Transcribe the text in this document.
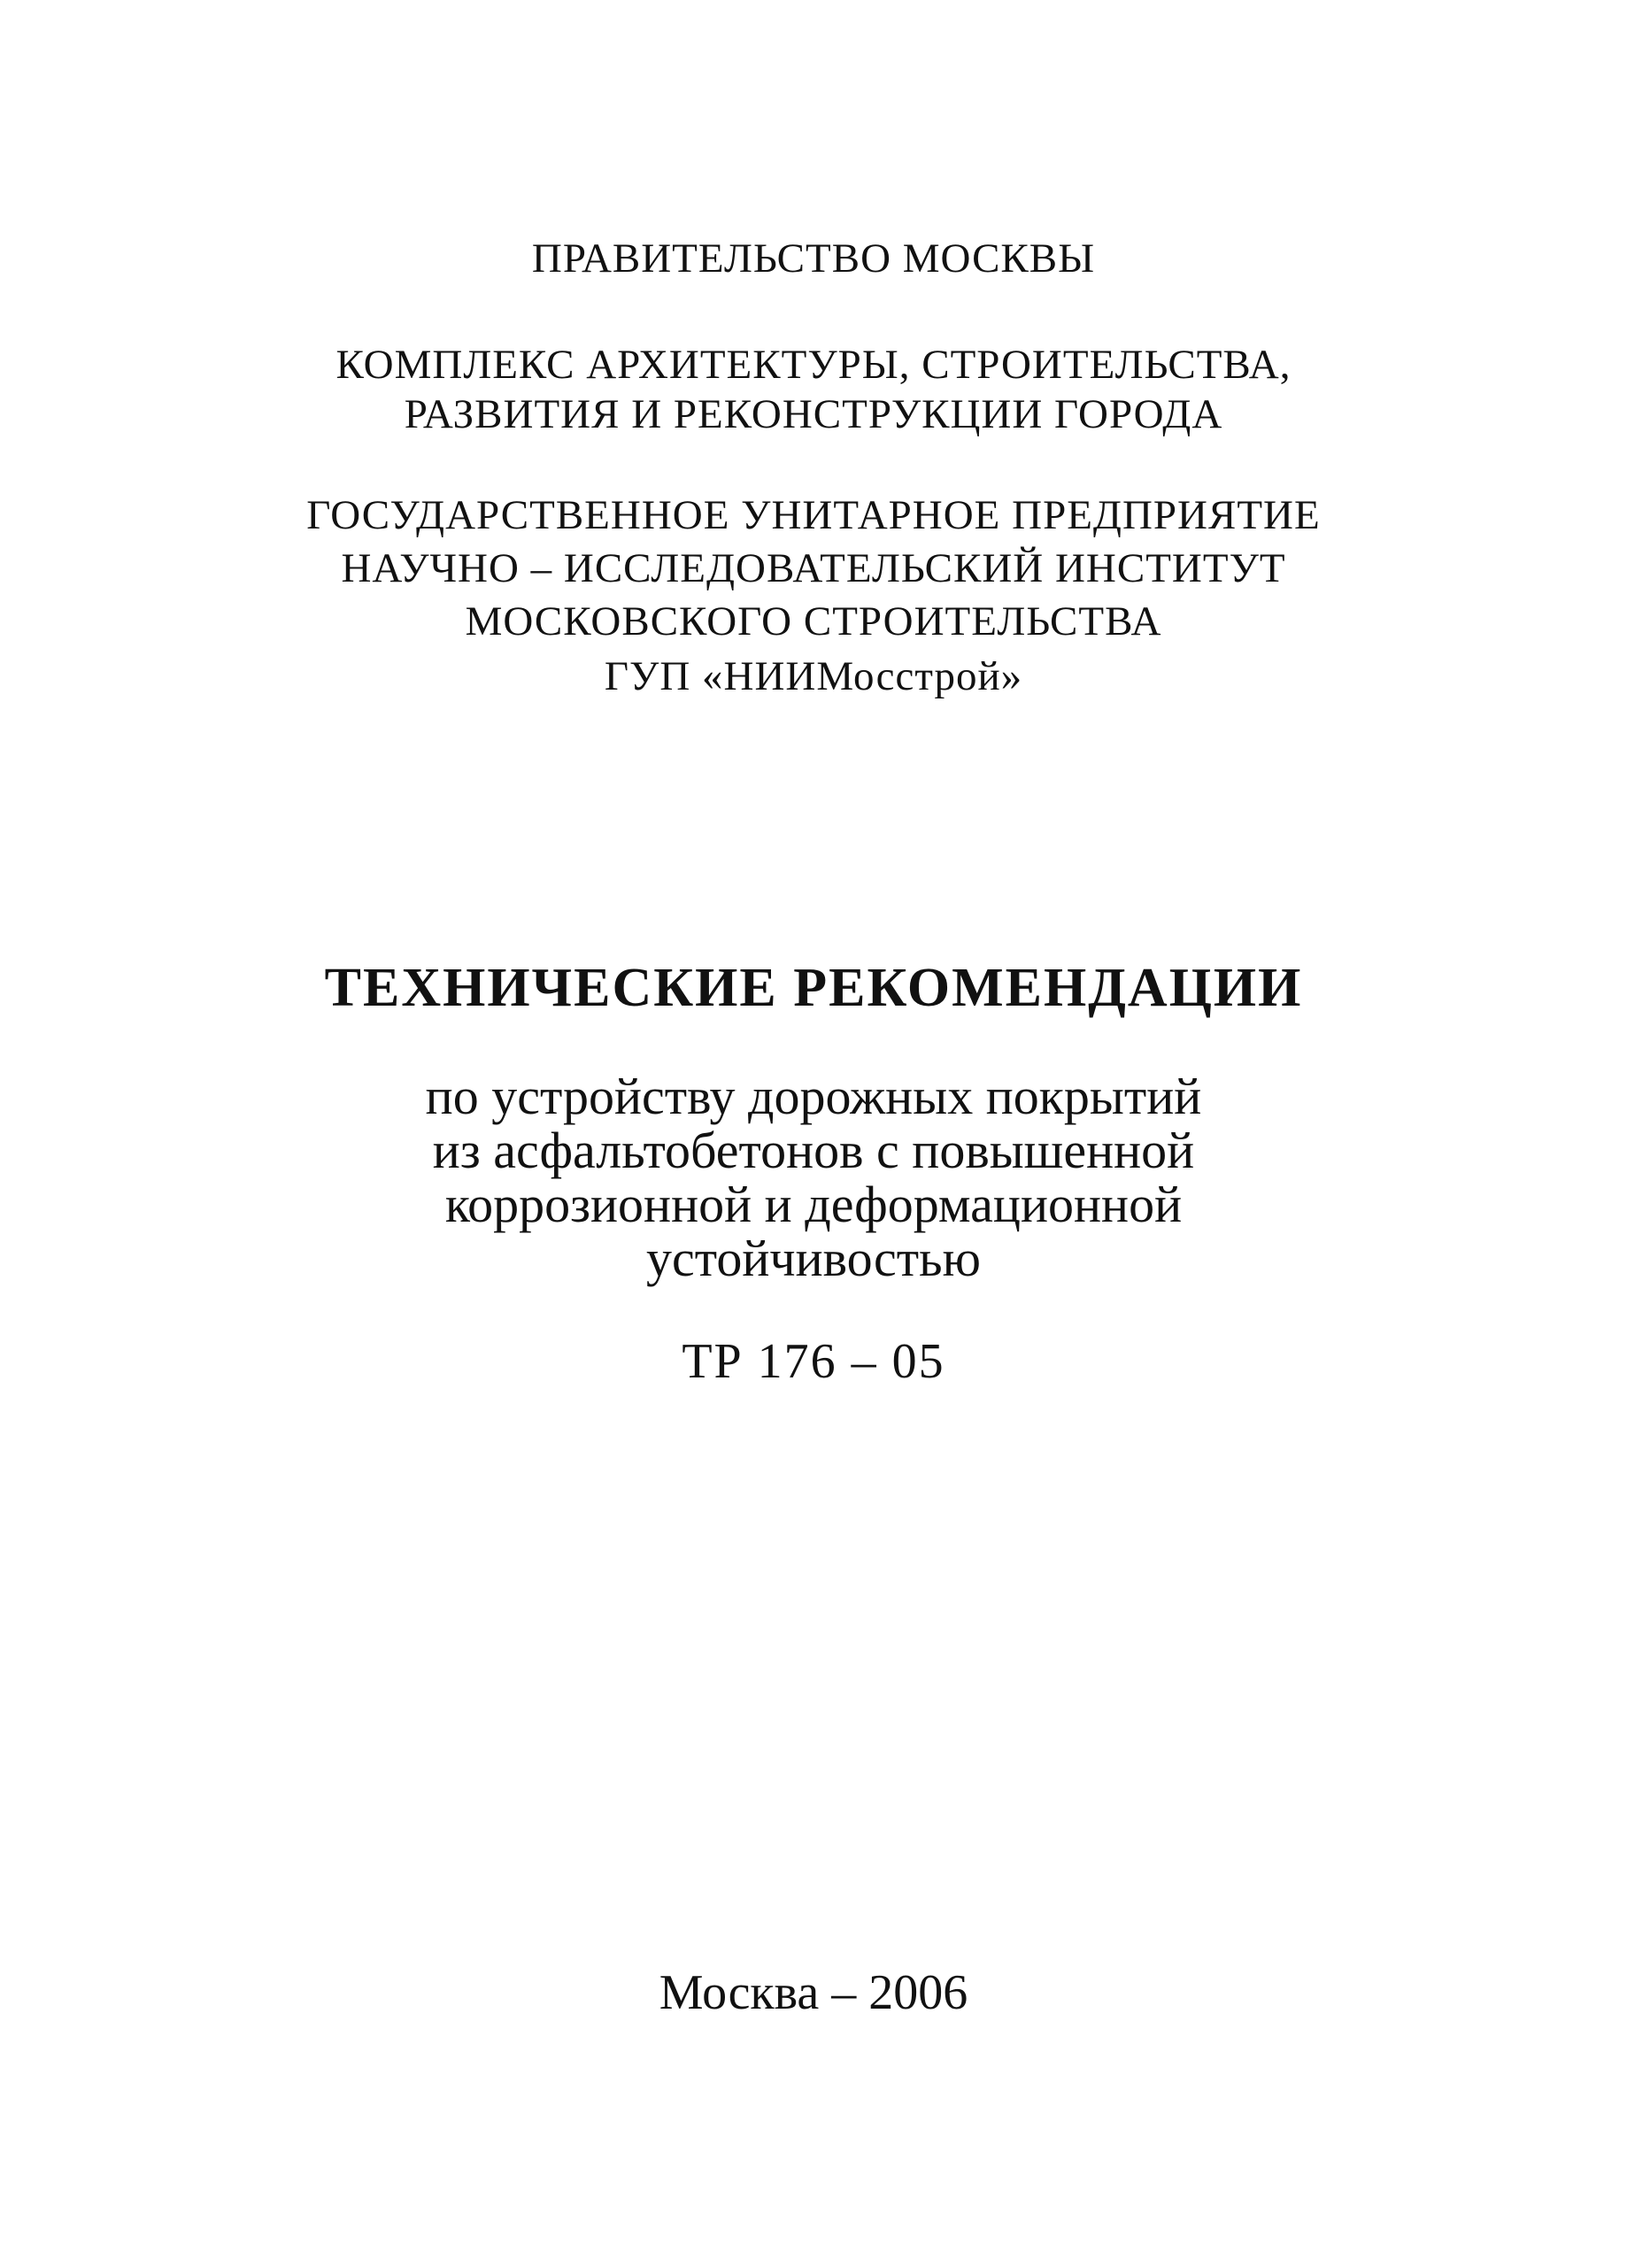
ПРАВИТЕЛЬСТВО МОСКВЫ

КОМПЛЕКС АРХИТЕКТУРЫ, СТРОИТЕЛЬСТВА,

РАЗВИТИЯ И РЕКОНСТРУКЦИИ ГОРОДА

ГОСУДАРСТВЕННОЕ УНИТАРНОЕ ПРЕДПРИЯТИЕ

НАУЧНО – ИССЛЕДОВАТЕЛЬСКИЙ ИНСТИТУТ

МОСКОВСКОГО СТРОИТЕЛЬСТВА

ГУП «НИИМосстрой»

ТЕХНИЧЕСКИЕ РЕКОМЕНДАЦИИ

по устройству дорожных покрытий

из асфальтобетонов с повышенной

коррозионной и деформационной

устойчивостью

ТР 176 – 05

Москва – 2006
